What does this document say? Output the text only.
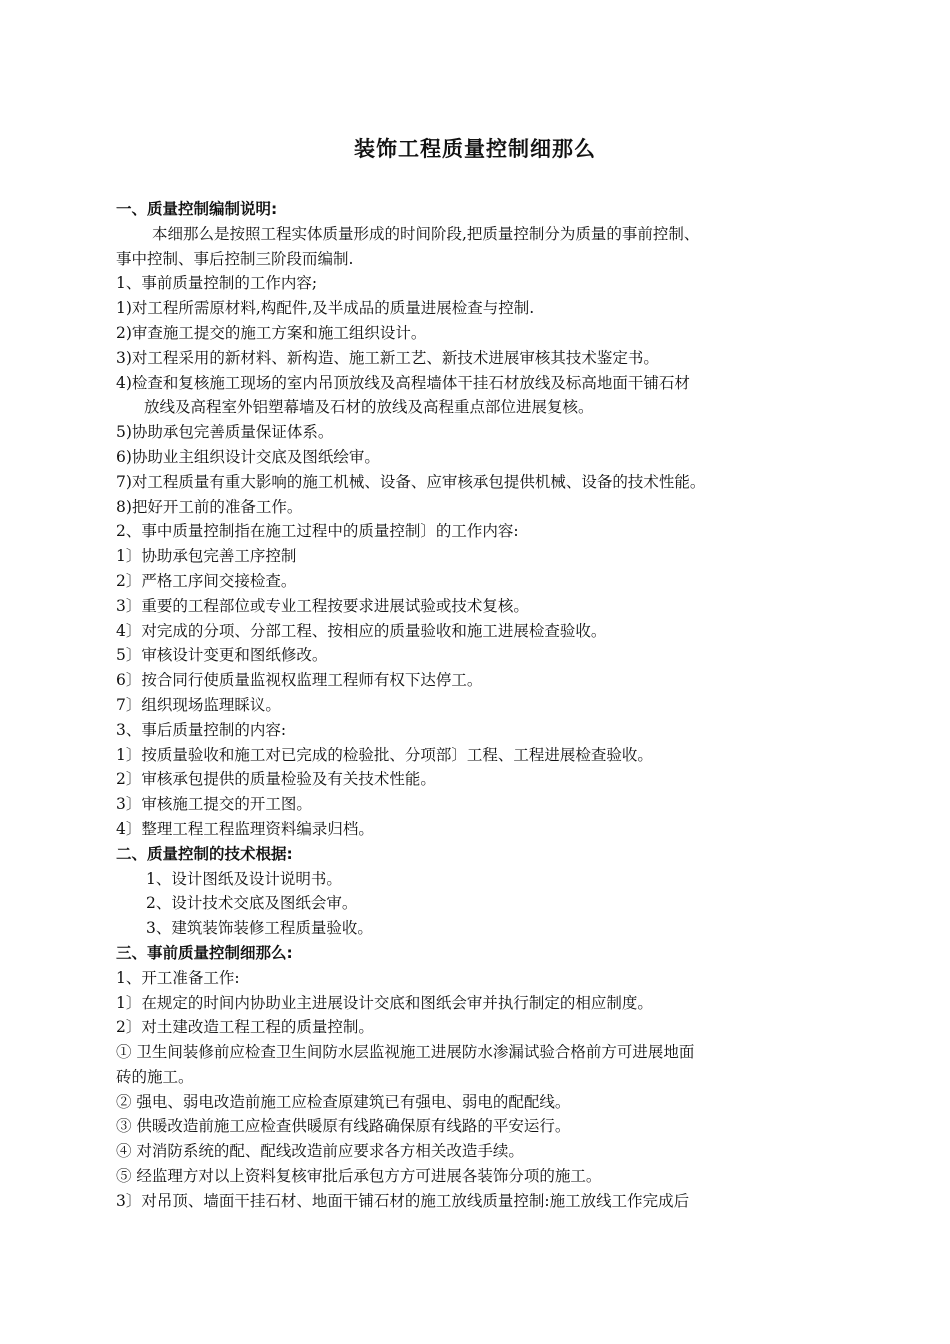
装饰工程质量控制细那么
一、质量控制编制说明:
本细那么是按照工程实体质量形成的时间阶段,把质量控制分为质量的事前控制、
事中控制、事后控制三阶段而编制.
1、事前质量控制的工作内容;
1)对工程所需原材料,构配件,及半成品的质量进展检查与控制.
2)审查施工提交的施工方案和施工组织设计。
3)对工程采用的新材料、新构造、施工新工艺、新技术进展审核其技术鉴定书。
4)检查和复核施工现场的室内吊顶放线及高程墙体干挂石材放线及标高地面干铺石材
放线及高程室外铝塑幕墙及石材的放线及高程重点部位进展复核。
5)协助承包完善质量保证体系。
6)协助业主组织设计交底及图纸绘审。
7)对工程质量有重大影响的施工机械、设备、应审核承包提供机械、设备的技术性能。
8)把好开工前的准备工作。
2、事中质量控制指在施工过程中的质量控制〕的工作内容:
1〕协助承包完善工序控制
2〕严格工序间交接检查。
3〕重要的工程部位或专业工程按要求进展试验或技术复核。
4〕对完成的分项、分部工程、按相应的质量验收和施工进展检查验收。
5〕审核设计变更和图纸修改。
6〕按合同行使质量监视权监理工程师有权下达停工。
7〕组织现场监理睬议。
3、事后质量控制的内容:
1〕按质量验收和施工对已完成的检验批、分项部〕工程、工程进展检查验收。
2〕审核承包提供的质量检验及有关技术性能。
3〕审核施工提交的开工图。
4〕整理工程工程监理资料编录归档。
二、质量控制的技术根据:
1、设计图纸及设计说明书。
2、设计技术交底及图纸会审。
3、建筑装饰装修工程质量验收。
三、事前质量控制细那么:
1、开工准备工作:
1〕在规定的时间内协助业主进展设计交底和图纸会审并执行制定的相应制度。
2〕对土建改造工程工程的质量控制。
① 卫生间装修前应检查卫生间防水层监视施工进展防水渗漏试验合格前方可进展地面
砖的施工。
② 强电、弱电改造前施工应检查原建筑已有强电、弱电的配配线。
③ 供暖改造前施工应检查供暖原有线路确保原有线路的平安运行。
④ 对消防系统的配、配线改造前应要求各方相关改造手续。
⑤ 经监理方对以上资料复核审批后承包方方可进展各装饰分项的施工。
3〕对吊顶、墙面干挂石材、地面干铺石材的施工放线质量控制:施工放线工作完成后
